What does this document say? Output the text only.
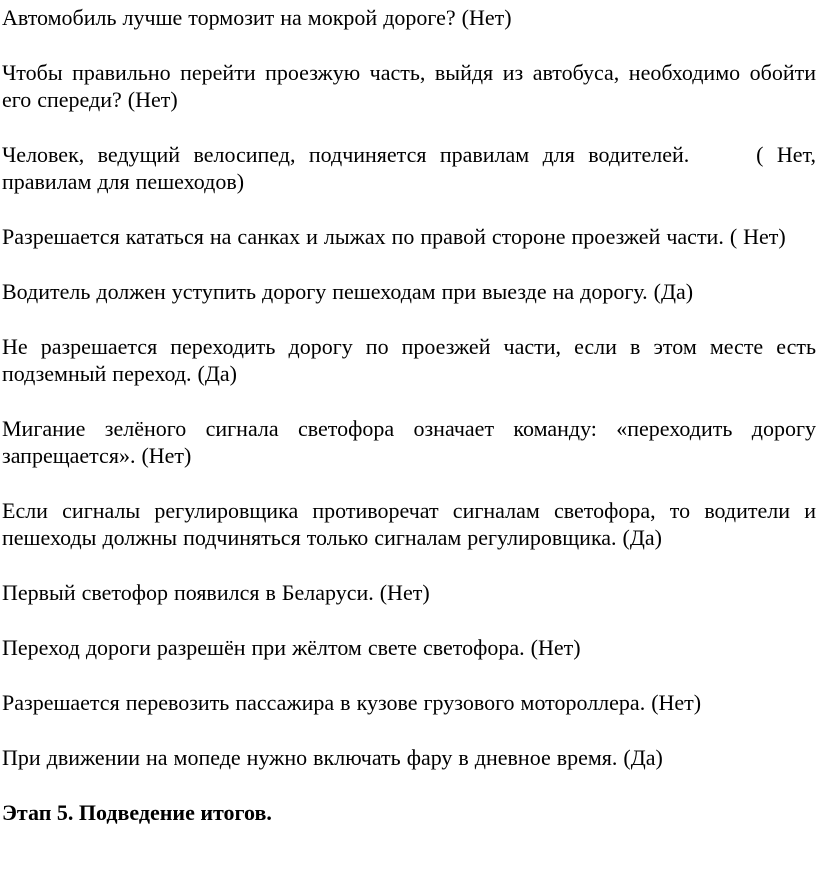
Автомобиль лучше тормозит на мокрой дороге? (Нет)

Чтобы правильно перейти проезжую часть, выйдя из автобуса, необходимо обойти его спереди? (Нет)

Человек, ведущий велосипед, подчиняется правилам для водителей.     ( Нет, правилам для пешеходов)

Разрешается кататься на санках и лыжах по правой стороне проезжей части. ( Нет)

Водитель должен уступить дорогу пешеходам при выезде на дорогу. (Да)

Не разрешается переходить дорогу по проезжей части, если в этом месте есть подземный переход. (Да)

Мигание зелёного сигнала светофора означает команду: «переходить дорогу запрещается». (Нет)

Если сигналы регулировщика противоречат сигналам светофора, то водители и пешеходы должны подчиняться только сигналам регулировщика. (Да)

Первый светофор появился в Беларуси. (Нет)

Переход дороги разрешён при жёлтом свете светофора. (Нет)

Разрешается перевозить пассажира в кузове грузового мотороллера. (Нет)

При движении на мопеде нужно включать фару в дневное время. (Да)

Этап 5. Подведение итогов.
